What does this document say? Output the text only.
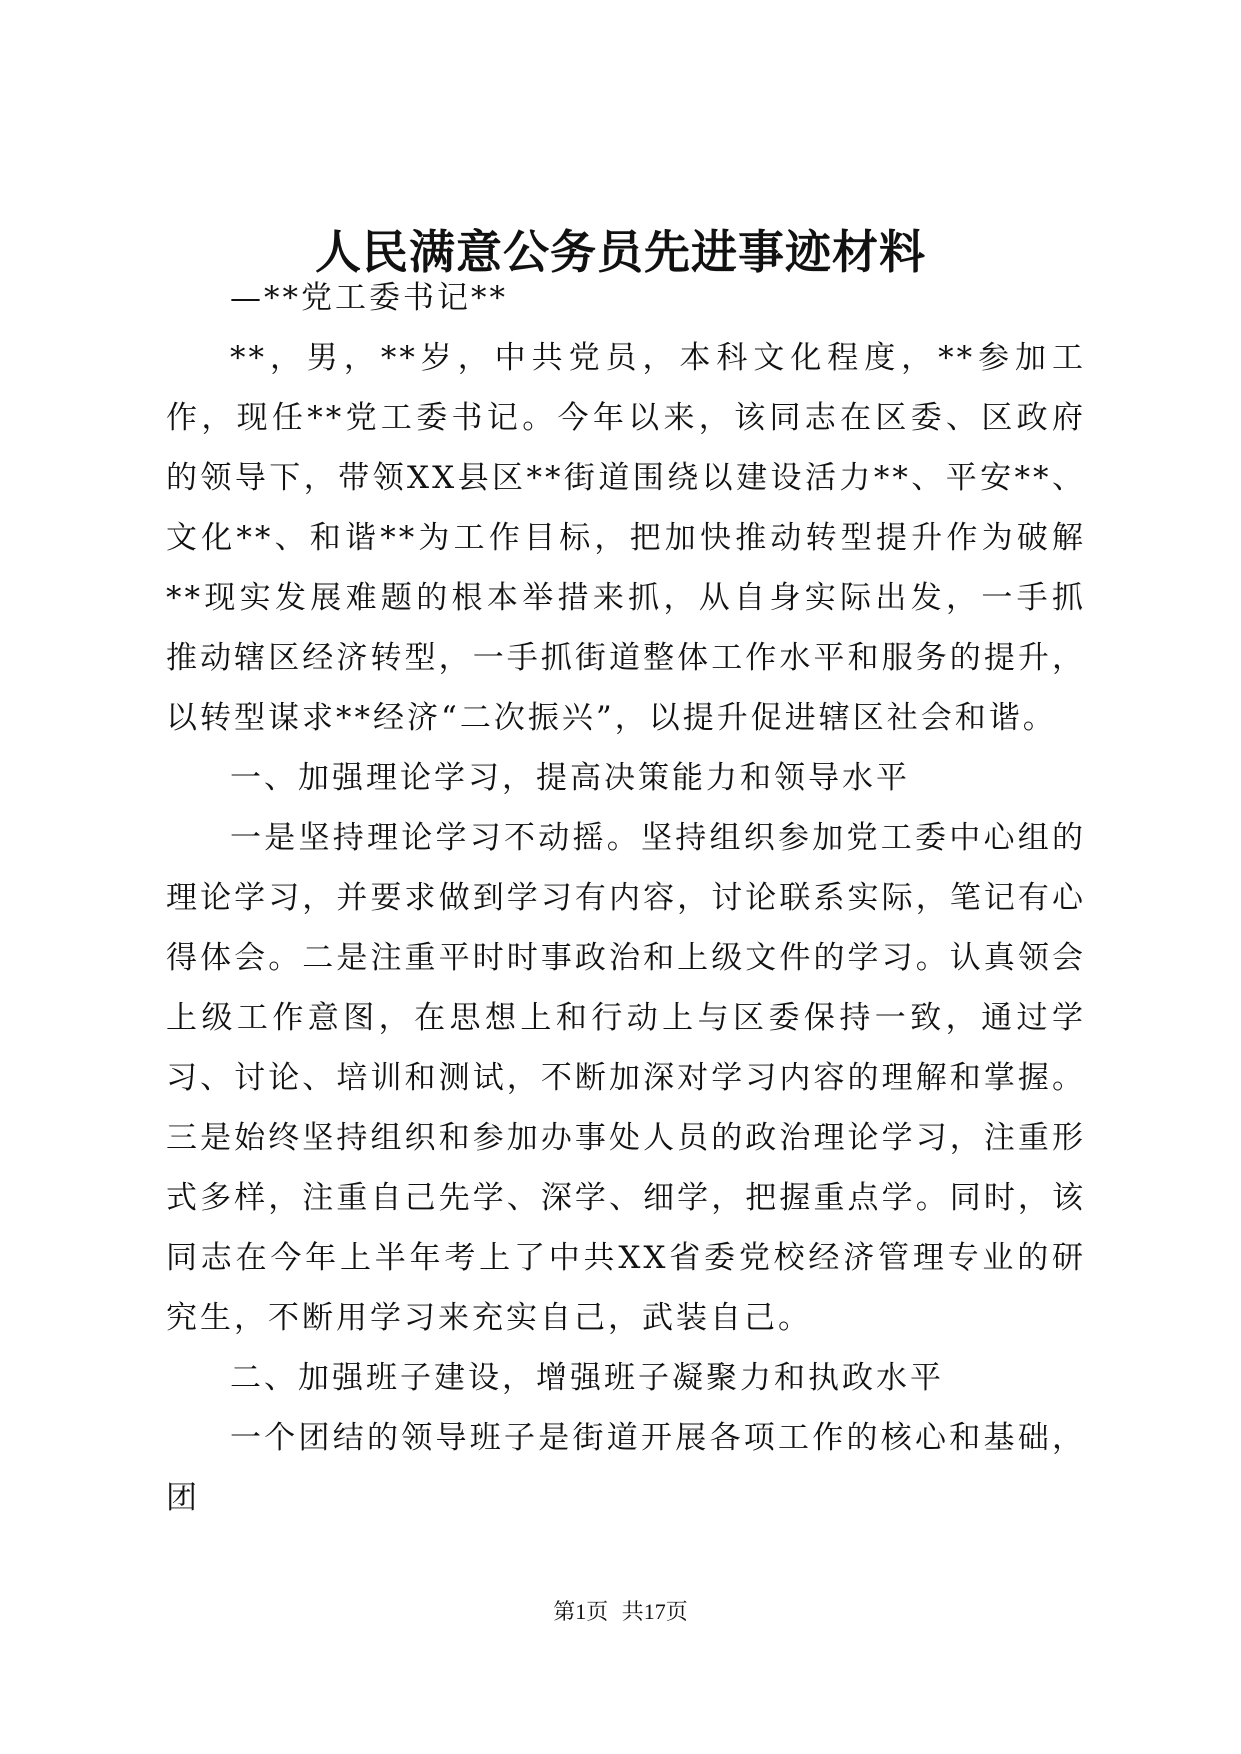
人民满意公务员先进事迹材料

—**党工委书记**

**，男，**岁，中共党员，本科文化程度，**参加工作，现任**党工委书记。今年以来，该同志在区委、区政府的领导下，带领XX县区**街道围绕以建设活力**、平安**、文化**、和谐**为工作目标，把加快推动转型提升作为破解**现实发展难题的根本举措来抓，从自身实际出发，一手抓推动辖区经济转型，一手抓街道整体工作水平和服务的提升，以转型谋求**经济“二次振兴”，以提升促进辖区社会和谐。

一、加强理论学习，提高决策能力和领导水平

一是坚持理论学习不动摇。坚持组织参加党工委中心组的理论学习，并要求做到学习有内容，讨论联系实际，笔记有心得体会。二是注重平时时事政治和上级文件的学习。认真领会上级工作意图，在思想上和行动上与区委保持一致，通过学习、讨论、培训和测试，不断加深对学习内容的理解和掌握。三是始终坚持组织和参加办事处人员的政治理论学习，注重形式多样，注重自己先学、深学、细学，把握重点学。同时，该同志在今年上半年考上了中共XX省委党校经济管理专业的研究生，不断用学习来充实自己，武装自己。

二、加强班子建设，增强班子凝聚力和执政水平

一个团结的领导班子是街道开展各项工作的核心和基础，团

第1页 共17页
